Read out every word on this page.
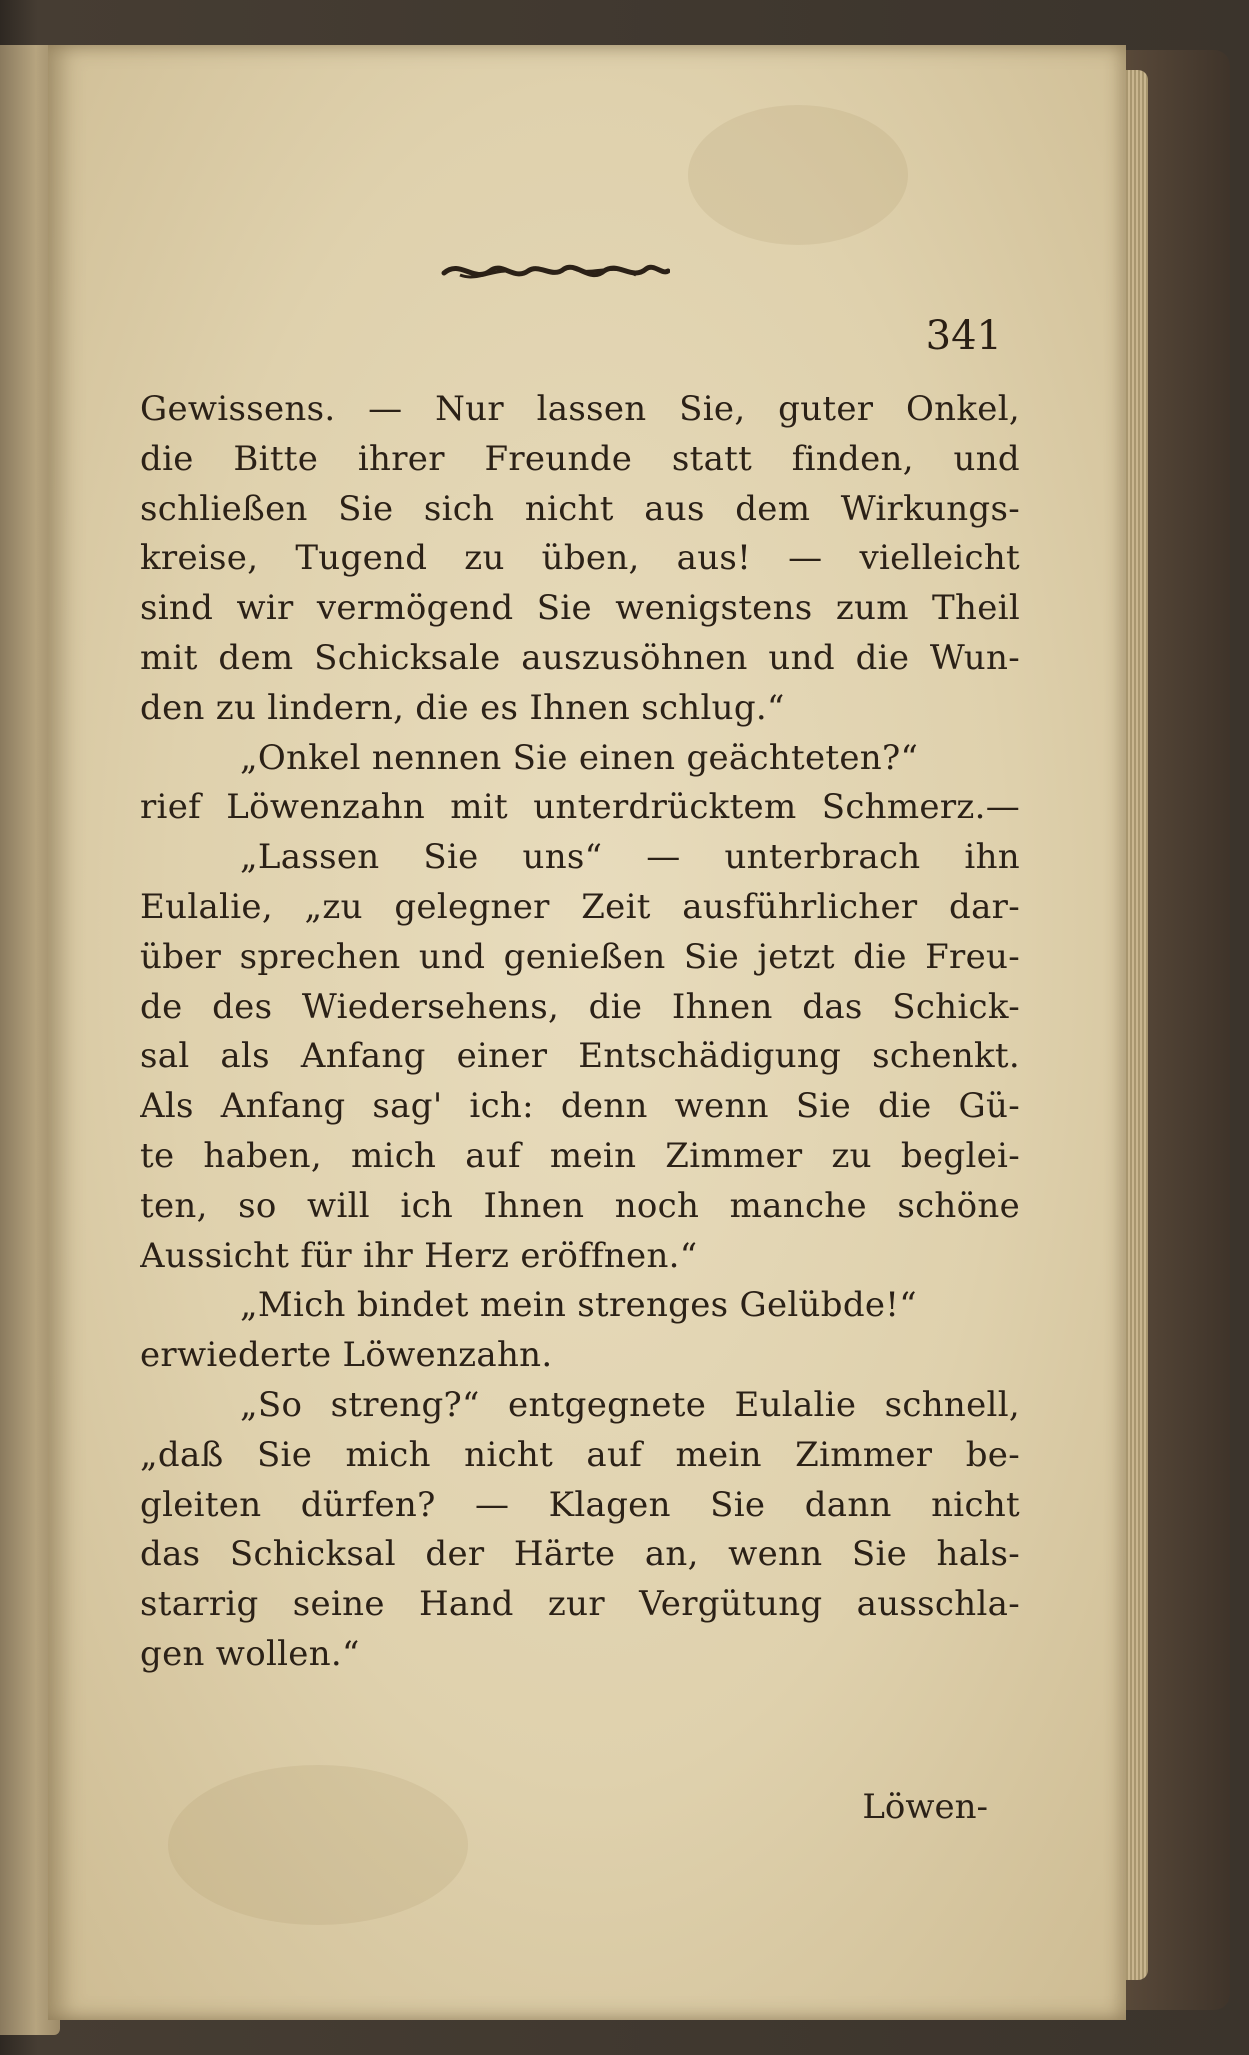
341
Gewissens. — Nur lassen Sie, guter Onkel,
die Bitte ihrer Freunde statt finden, und
schließen Sie sich nicht aus dem Wirkungs-
kreise, Tugend zu üben, aus! — vielleicht
sind wir vermögend Sie wenigstens zum Theil
mit dem Schicksale auszusöhnen und die Wun-
den zu lindern, die es Ihnen schlug.“
„Onkel nennen Sie einen geächteten?“
rief Löwenzahn mit unterdrücktem Schmerz.—
„Lassen Sie uns“ — unterbrach ihn
Eulalie, „zu gelegner Zeit ausführlicher dar-
über sprechen und genießen Sie jetzt die Freu-
de des Wiedersehens, die Ihnen das Schick-
sal als Anfang einer Entschädigung schenkt.
Als Anfang sag' ich: denn wenn Sie die Gü-
te haben, mich auf mein Zimmer zu beglei-
ten, so will ich Ihnen noch manche schöne
Aussicht für ihr Herz eröffnen.“
„Mich bindet mein strenges Gelübde!“
erwiederte Löwenzahn.
„So streng?“ entgegnete Eulalie schnell,
„daß Sie mich nicht auf mein Zimmer be-
gleiten dürfen? — Klagen Sie dann nicht
das Schicksal der Härte an, wenn Sie hals-
starrig seine Hand zur Vergütung ausschla-
gen wollen.“
Löwen-
